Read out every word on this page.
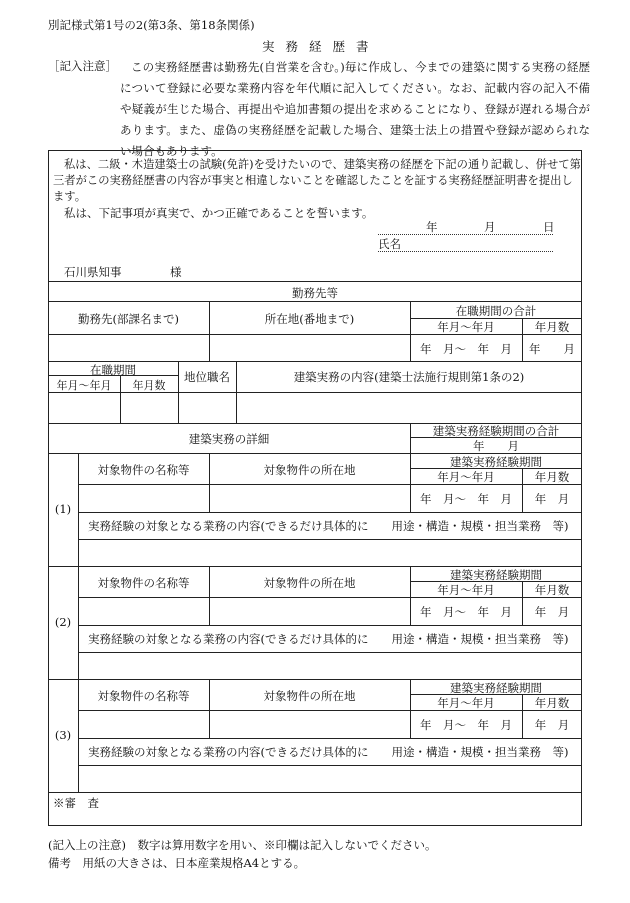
別記様式第1号の2(第3条、第18条関係)
実務経歴書
［記入注意］	この実務経歴書は勤務先(自営業を含む。)毎に作成し、今までの建築に関する実務の経歴について登録に必要な業務内容を年代順に記入してください。なお、記載内容の記入不備や疑義が生じた場合、再提出や追加書類の提出を求めることになり、登録が遅れる場合があります。また、虚偽の実務経歴を記載した場合、建築士法上の措置や登録が認められない場合もあります。
私は、二級・木造建築士の試験(免許)を受けたいので、建築実務の経歴を下記の通り記載し、併せて第三者がこの実務経歴書の内容が事実と相違しないことを確認したことを証する実務経歴証明書を提出します。
私は、下記事項が真実で、かつ正確であることを誓います。
年	月	日
氏名
石川県知事	様
勤務先等
勤務先(部課名まで)	所在地(番地まで)
在職期間の合計
年月～年月	年月数
年　月～　年　月	年　　月
在職期間
年月～年月	年月数
地位職名	建築実務の内容(建築士法施行規則第1条の2)
建築実務の詳細
建築実務経験期間の合計
年　　月
(1)
対象物件の名称等	対象物件の所在地
建築実務経験期間
年月～年月	年月数
年　月～　年　月	年　月
実務経験の対象となる業務の内容(できるだけ具体的に　　用途・構造・規模・担当業務　等)
(2)
対象物件の名称等	対象物件の所在地
建築実務経験期間
年月～年月	年月数
年　月～　年　月	年　月
実務経験の対象となる業務の内容(できるだけ具体的に　　用途・構造・規模・担当業務　等)
(3)
対象物件の名称等	対象物件の所在地
建築実務経験期間
年月～年月	年月数
年　月～　年　月	年　月
実務経験の対象となる業務の内容(できるだけ具体的に　　用途・構造・規模・担当業務　等)
※審　査
(記入上の注意)　数字は算用数字を用い、※印欄は記入しないでください。
備考　用紙の大きさは、日本産業規格A4とする。
